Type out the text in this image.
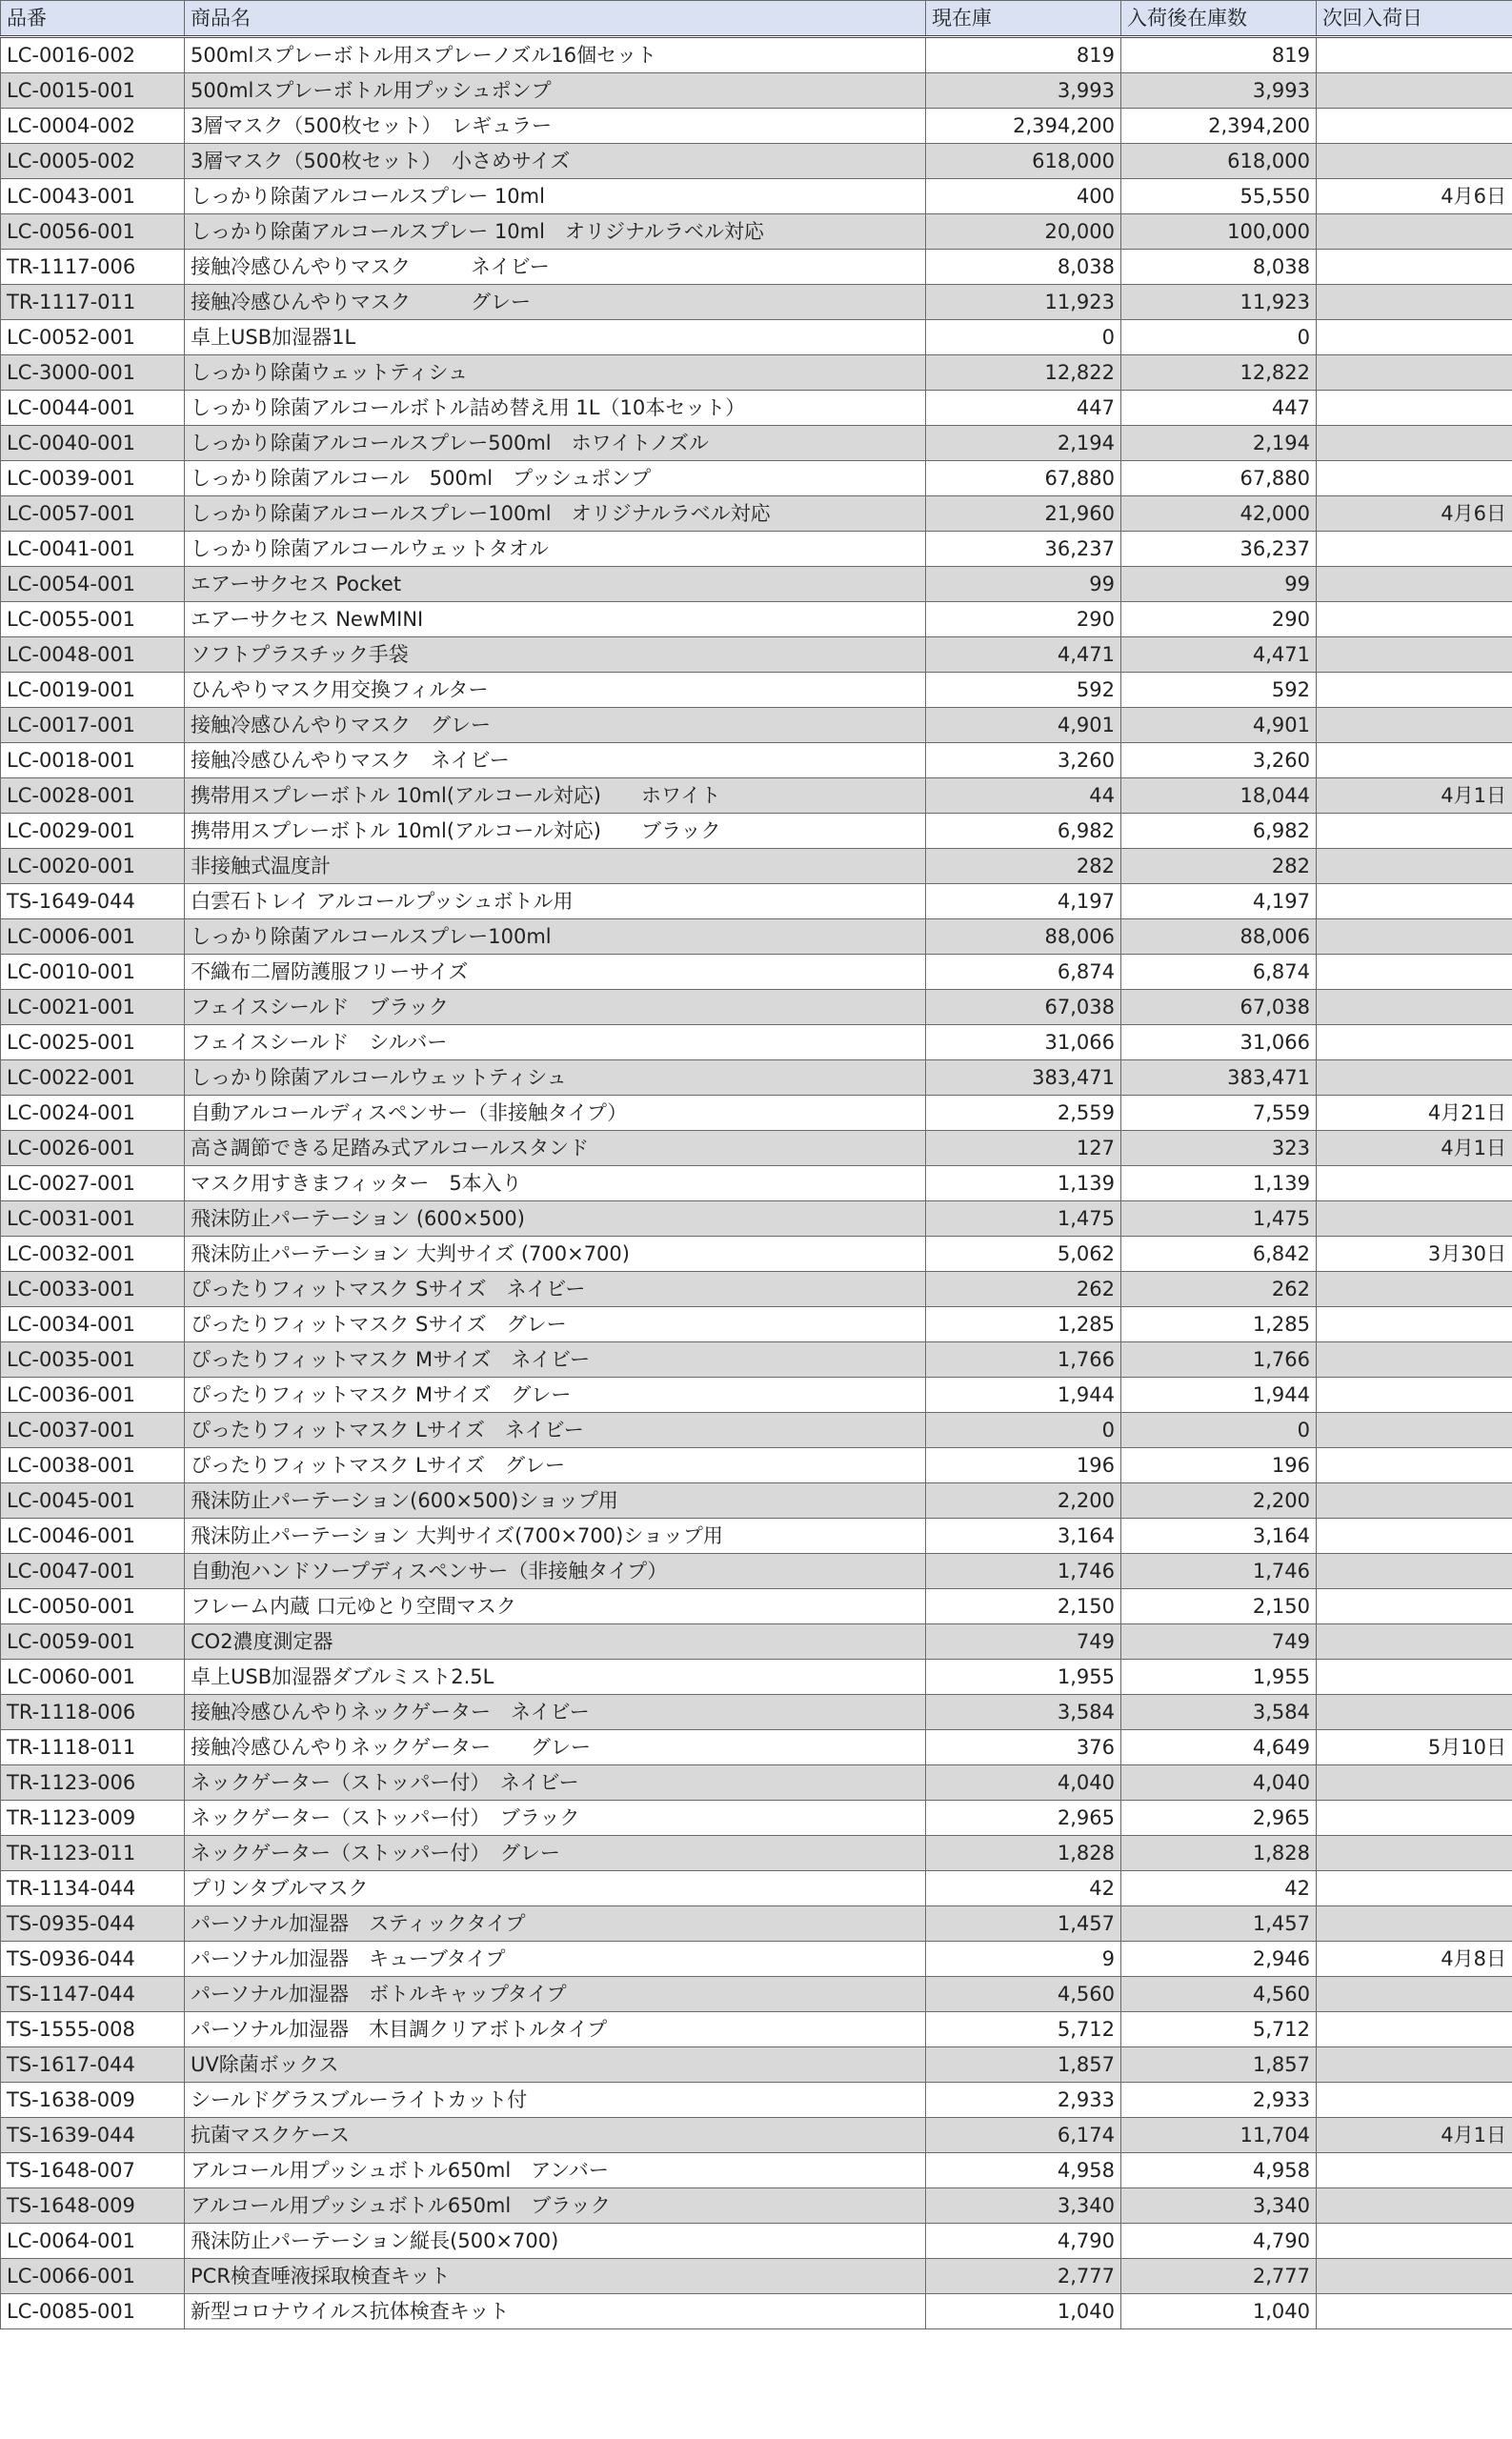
品番	商品名	現在庫	入荷後在庫数	次回入荷日
LC-0016-002	500mlスプレーボトル用スプレーノズル16個セット	819	819	
LC-0015-001	500mlスプレーボトル用プッシュポンプ	3,993	3,993	
LC-0004-002	3層マスク（500枚セット）　レギュラー	2,394,200	2,394,200	
LC-0005-002	3層マスク（500枚セット）　小さめサイズ	618,000	618,000	
LC-0043-001	しっかり除菌アルコールスプレー 10ml	400	55,550	4月6日
LC-0056-001	しっかり除菌アルコールスプレー 10ml　オリジナルラベル対応	20,000	100,000	
TR-1117-006	接触冷感ひんやりマスク　　　ネイビー	8,038	8,038	
TR-1117-011	接触冷感ひんやりマスク　　　グレー	11,923	11,923	
LC-0052-001	卓上USB加湿器1L	0	0	
LC-3000-001	しっかり除菌ウェットティシュ	12,822	12,822	
LC-0044-001	しっかり除菌アルコールボトル詰め替え用 1L（10本セット）	447	447	
LC-0040-001	しっかり除菌アルコールスプレー500ml　ホワイトノズル	2,194	2,194	
LC-0039-001	しっかり除菌アルコール　500ml　プッシュポンプ	67,880	67,880	
LC-0057-001	しっかり除菌アルコールスプレー100ml　オリジナルラベル対応	21,960	42,000	4月6日
LC-0041-001	しっかり除菌アルコールウェットタオル	36,237	36,237	
LC-0054-001	エアーサクセス Pocket	99	99	
LC-0055-001	エアーサクセス NewMINI	290	290	
LC-0048-001	ソフトプラスチック手袋	4,471	4,471	
LC-0019-001	ひんやりマスク用交換フィルター	592	592	
LC-0017-001	接触冷感ひんやりマスク　グレー	4,901	4,901	
LC-0018-001	接触冷感ひんやりマスク　ネイビー	3,260	3,260	
LC-0028-001	携帯用スプレーボトル 10ml(アルコール対応)　　ホワイト	44	18,044	4月1日
LC-0029-001	携帯用スプレーボトル 10ml(アルコール対応)　　ブラック	6,982	6,982	
LC-0020-001	非接触式温度計	282	282	
TS-1649-044	白雲石トレイ アルコールプッシュボトル用	4,197	4,197	
LC-0006-001	しっかり除菌アルコールスプレー100ml	88,006	88,006	
LC-0010-001	不織布二層防護服フリーサイズ	6,874	6,874	
LC-0021-001	フェイスシールド　ブラック	67,038	67,038	
LC-0025-001	フェイスシールド　シルバー	31,066	31,066	
LC-0022-001	しっかり除菌アルコールウェットティシュ	383,471	383,471	
LC-0024-001	自動アルコールディスペンサー（非接触タイプ）	2,559	7,559	4月21日
LC-0026-001	高さ調節できる足踏み式アルコールスタンド	127	323	4月1日
LC-0027-001	マスク用すきまフィッター　5本入り	1,139	1,139	
LC-0031-001	飛沫防止パーテーション (600×500)	1,475	1,475	
LC-0032-001	飛沫防止パーテーション 大判サイズ (700×700)	5,062	6,842	3月30日
LC-0033-001	ぴったりフィットマスク Sサイズ　ネイビー	262	262	
LC-0034-001	ぴったりフィットマスク Sサイズ　グレー	1,285	1,285	
LC-0035-001	ぴったりフィットマスク Mサイズ　ネイビー	1,766	1,766	
LC-0036-001	ぴったりフィットマスク Mサイズ　グレー	1,944	1,944	
LC-0037-001	ぴったりフィットマスク Lサイズ　ネイビー	0	0	
LC-0038-001	ぴったりフィットマスク Lサイズ　グレー	196	196	
LC-0045-001	飛沫防止パーテーション(600×500)ショップ用	2,200	2,200	
LC-0046-001	飛沫防止パーテーション 大判サイズ(700×700)ショップ用	3,164	3,164	
LC-0047-001	自動泡ハンドソープディスペンサー（非接触タイプ）	1,746	1,746	
LC-0050-001	フレーム内蔵 口元ゆとり空間マスク	2,150	2,150	
LC-0059-001	CO2濃度測定器	749	749	
LC-0060-001	卓上USB加湿器ダブルミスト2.5L	1,955	1,955	
TR-1118-006	接触冷感ひんやりネックゲーター　ネイビー	3,584	3,584	
TR-1118-011	接触冷感ひんやりネックゲーター　　グレー	376	4,649	5月10日
TR-1123-006	ネックゲーター（ストッパー付）　ネイビー	4,040	4,040	
TR-1123-009	ネックゲーター（ストッパー付）　ブラック	2,965	2,965	
TR-1123-011	ネックゲーター（ストッパー付）　グレー	1,828	1,828	
TR-1134-044	プリンタブルマスク	42	42	
TS-0935-044	パーソナル加湿器　スティックタイプ	1,457	1,457	
TS-0936-044	パーソナル加湿器　キューブタイプ	9	2,946	4月8日
TS-1147-044	パーソナル加湿器　ボトルキャップタイプ	4,560	4,560	
TS-1555-008	パーソナル加湿器　木目調クリアボトルタイプ	5,712	5,712	
TS-1617-044	UV除菌ボックス	1,857	1,857	
TS-1638-009	シールドグラスブルーライトカット付	2,933	2,933	
TS-1639-044	抗菌マスクケース	6,174	11,704	4月1日
TS-1648-007	アルコール用プッシュボトル650ml　アンバー	4,958	4,958	
TS-1648-009	アルコール用プッシュボトル650ml　ブラック	3,340	3,340	
LC-0064-001	飛沫防止パーテーション縦長(500×700)	4,790	4,790	
LC-0066-001	PCR検査唾液採取検査キット	2,777	2,777	
LC-0085-001	新型コロナウイルス抗体検査キット	1,040	1,040	
